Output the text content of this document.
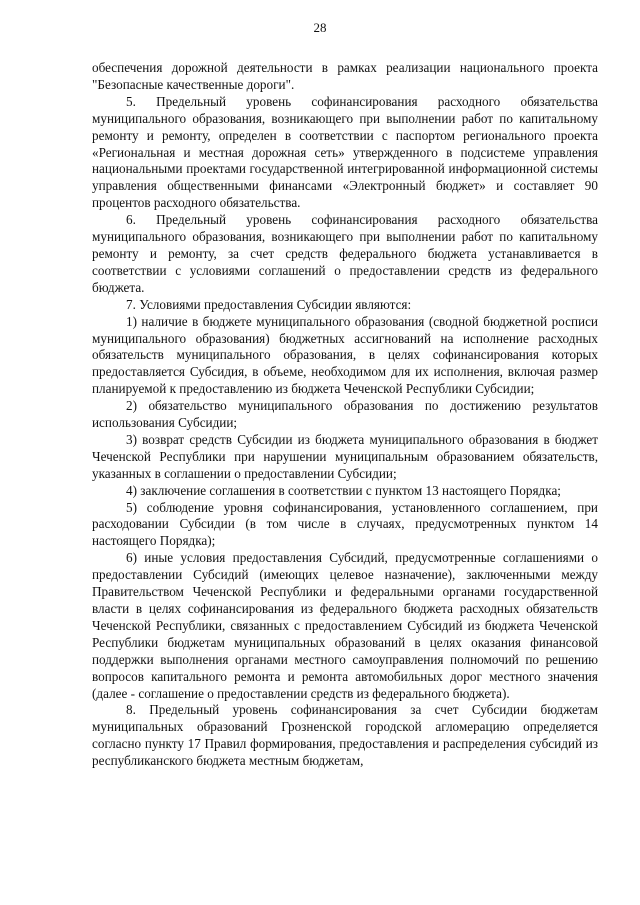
28

обеспечения дорожной деятельности в рамках реализации национального проекта "Безопасные качественные дороги".

5. Предельный уровень софинансирования расходного обязательства муниципального образования, возникающего при выполнении работ по капитальному ремонту и ремонту, определен в соответствии с паспортом регионального проекта «Региональная и местная дорожная сеть» утвержденного в подсистеме управления национальными проектами государственной интегрированной информационной системы управления общественными финансами «Электронный бюджет» и составляет 90 процентов расходного обязательства.

6. Предельный уровень софинансирования расходного обязательства муниципального образования, возникающего при выполнении работ по капитальному ремонту и ремонту, за счет средств федерального бюджета устанавливается в соответствии с условиями соглашений о предоставлении средств из федерального бюджета.

7. Условиями предоставления Субсидии являются:

1) наличие в бюджете муниципального образования (сводной бюджетной росписи муниципального образования) бюджетных ассигнований на исполнение расходных обязательств муниципального образования, в целях софинансирования которых предоставляется Субсидия, в объеме, необходимом для их исполнения, включая размер планируемой к предоставлению из бюджета Чеченской Республики Субсидии;

2) обязательство муниципального образования по достижению результатов использования Субсидии;

3) возврат средств Субсидии из бюджета муниципального образования в бюджет Чеченской Республики при нарушении муниципальным образованием обязательств, указанных в соглашении о предоставлении Субсидии;

4) заключение соглашения в соответствии с пунктом 13 настоящего Порядка;

5) соблюдение уровня софинансирования, установленного соглашением, при расходовании Субсидии (в том числе в случаях, предусмотренных пунктом 14 настоящего Порядка);

6) иные условия предоставления Субсидий, предусмотренные соглашениями о предоставлении Субсидий (имеющих целевое назначение), заключенными между Правительством Чеченской Республики и федеральными органами государственной власти в целях софинансирования из федерального бюджета расходных обязательств Чеченской Республики, связанных с предоставлением Субсидий из бюджета Чеченской Республики бюджетам муниципальных образований в целях оказания финансовой поддержки выполнения органами местного самоуправления полномочий по решению вопросов капитального ремонта и ремонта автомобильных дорог местного значения (далее - соглашение о предоставлении средств из федерального бюджета).

8. Предельный уровень софинансирования за счет Субсидии бюджетам муниципальных образований Грозненской городской агломерацию определяется согласно пункту 17 Правил формирования, предоставления и распределения субсидий из республиканского бюджета местным бюджетам,
